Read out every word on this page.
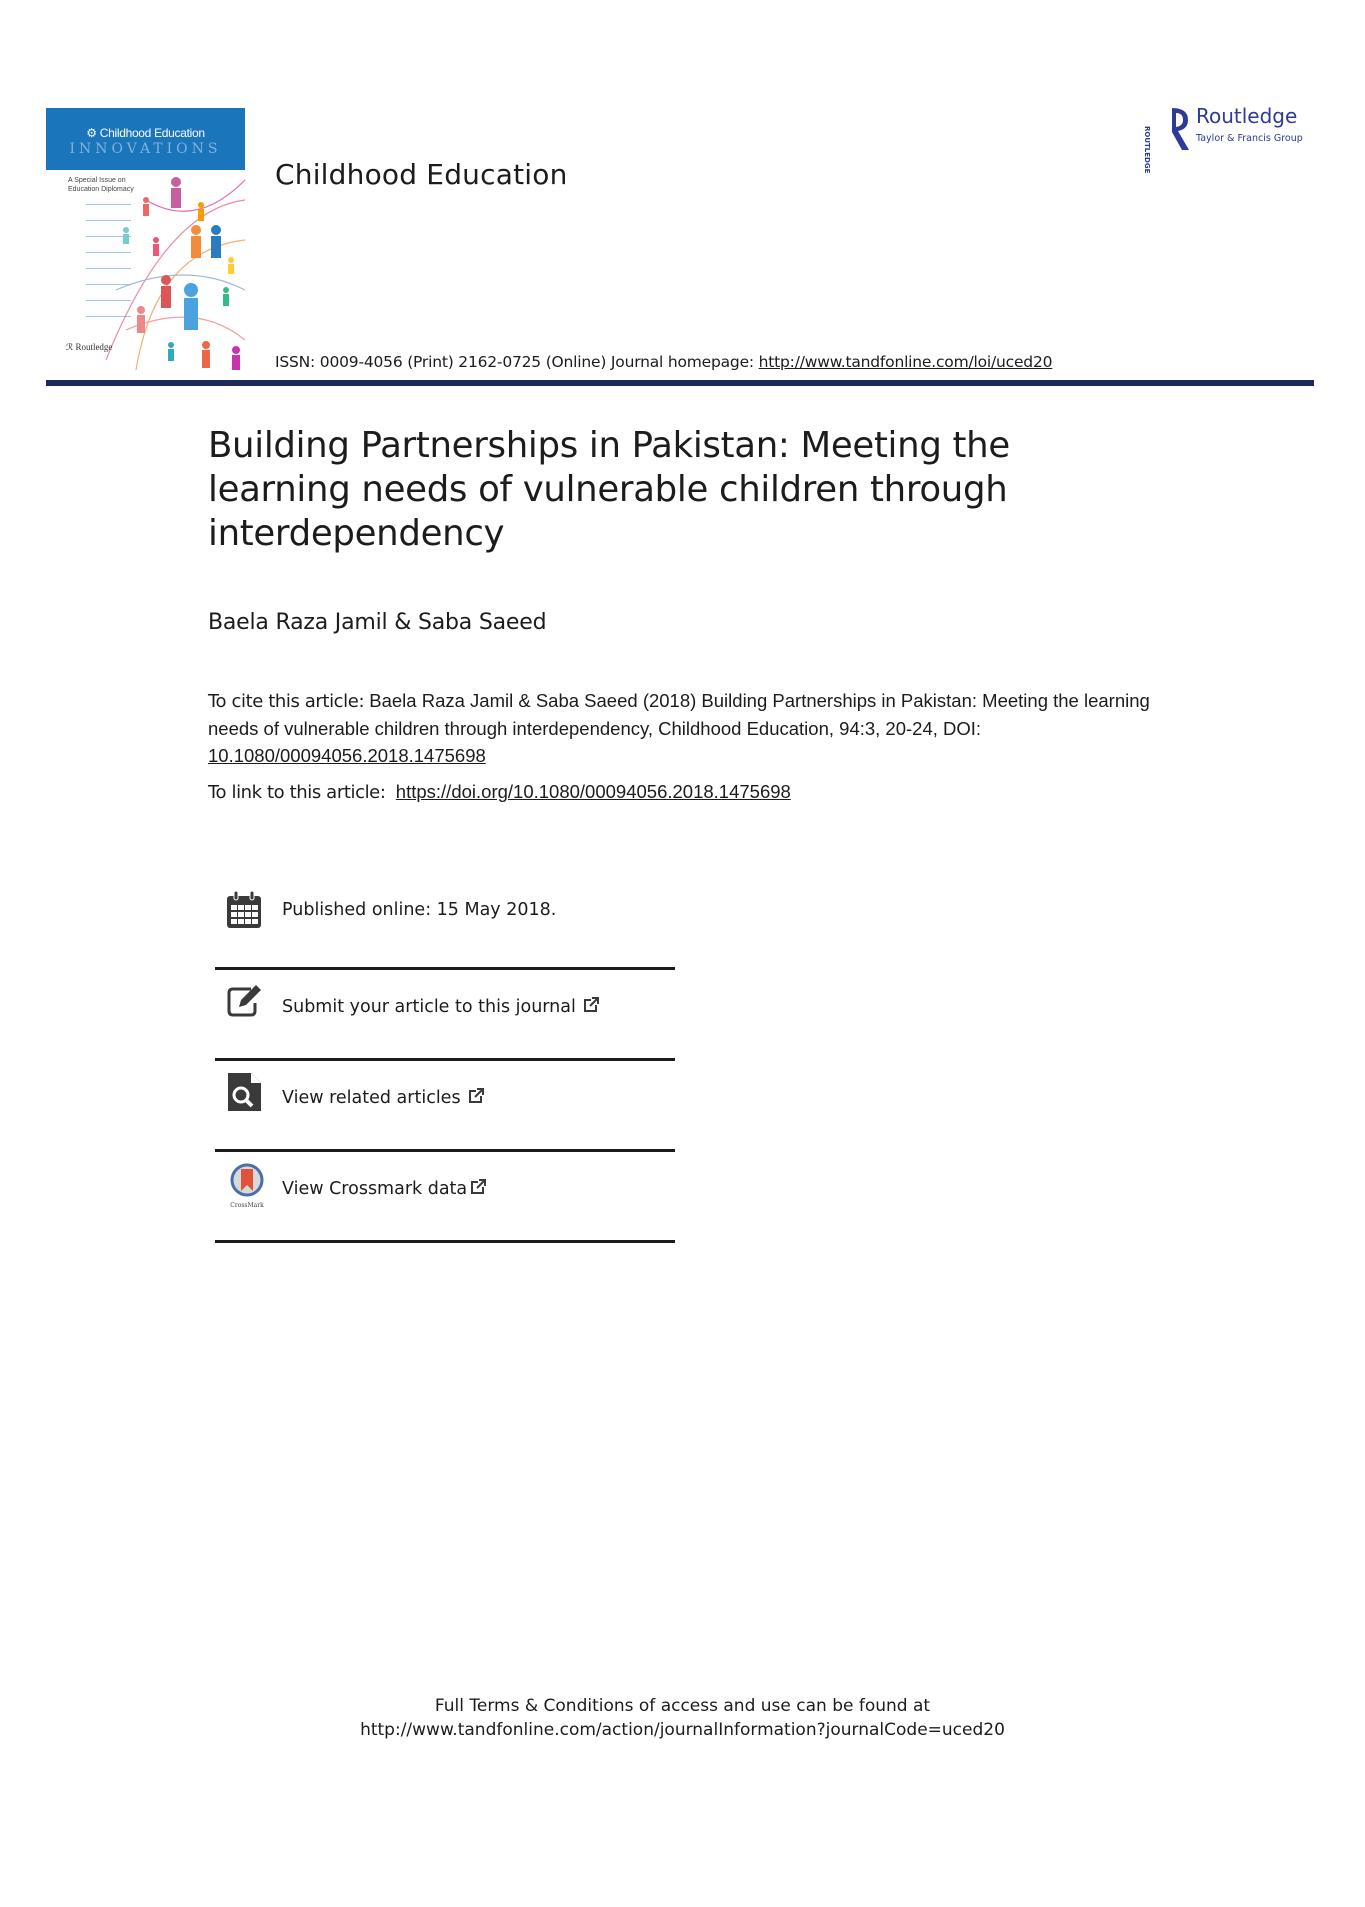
⚙ Childhood Education
INNOVATIONS
A Special Issue on
Education Diplomacy
ℛ Routledge
Childhood Education
ROUTLEDGE
Routledge
Taylor & Francis Group
ISSN: 0009-4056 (Print) 2162-0725 (Online) Journal homepage: http://www.tandfonline.com/loi/uced20
Building Partnerships in Pakistan: Meeting the learning needs of vulnerable children through interdependency
Baela Raza Jamil & Saba Saeed
To cite this article: Baela Raza Jamil & Saba Saeed (2018) Building Partnerships in Pakistan: Meeting the learning needs of vulnerable children through interdependency, Childhood Education, 94:3, 20-24, DOI: 10.1080/00094056.2018.1475698
To link to this article: https://doi.org/10.1080/00094056.2018.1475698
Published online: 15 May 2018.
Submit your article to this journal
View related articles
CrossMark
View Crossmark data
Full Terms & Conditions of access and use can be found at
http://www.tandfonline.com/action/journalInformation?journalCode=uced20
